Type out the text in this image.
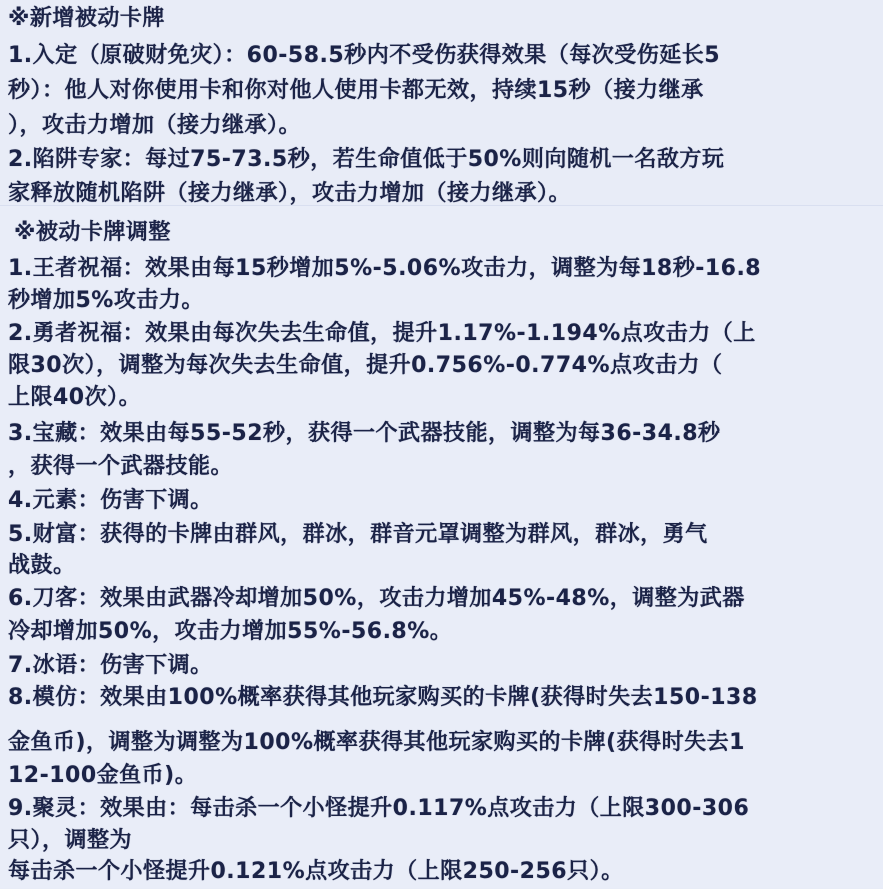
※新增被动卡牌
1.入定（原破财免灾）：60-58.5秒内不受伤获得效果（每次受伤延长5
秒）：他人对你使用卡和你对他人使用卡都无效，持续15秒（接力继承
），攻击力增加（接力继承）。
2.陷阱专家：每过75-73.5秒，若生命值低于50%则向随机一名敌方玩
家释放随机陷阱（接力继承），攻击力增加（接力继承）。
※被动卡牌调整
1.王者祝福：效果由每15秒增加5%-5.06%攻击力，调整为每18秒-16.8
秒增加5%攻击力。
2.勇者祝福：效果由每次失去生命值，提升1.17%-1.194%点攻击力（上
限30次），调整为每次失去生命值，提升0.756%-0.774%点攻击力（
上限40次）。
3.宝藏：效果由每55-52秒，获得一个武器技能，调整为每36-34.8秒
，获得一个武器技能。
4.元素：伤害下调。
5.财富：获得的卡牌由群风，群冰，群音元罩调整为群风，群冰，勇气
战鼓。
6.刀客：效果由武器冷却增加50%，攻击力增加45%-48%，调整为武器
冷却增加50%，攻击力增加55%-56.8%。
7.冰语：伤害下调。
8.模仿：效果由100%概率获得其他玩家购买的卡牌(获得时失去150-138
金鱼币)，调整为调整为100%概率获得其他玩家购买的卡牌(获得时失去1
12-100金鱼币)。
9.聚灵：效果由：每击杀一个小怪提升0.117%点攻击力（上限300-306
只），调整为
每击杀一个小怪提升0.121%点攻击力（上限250-256只）。
